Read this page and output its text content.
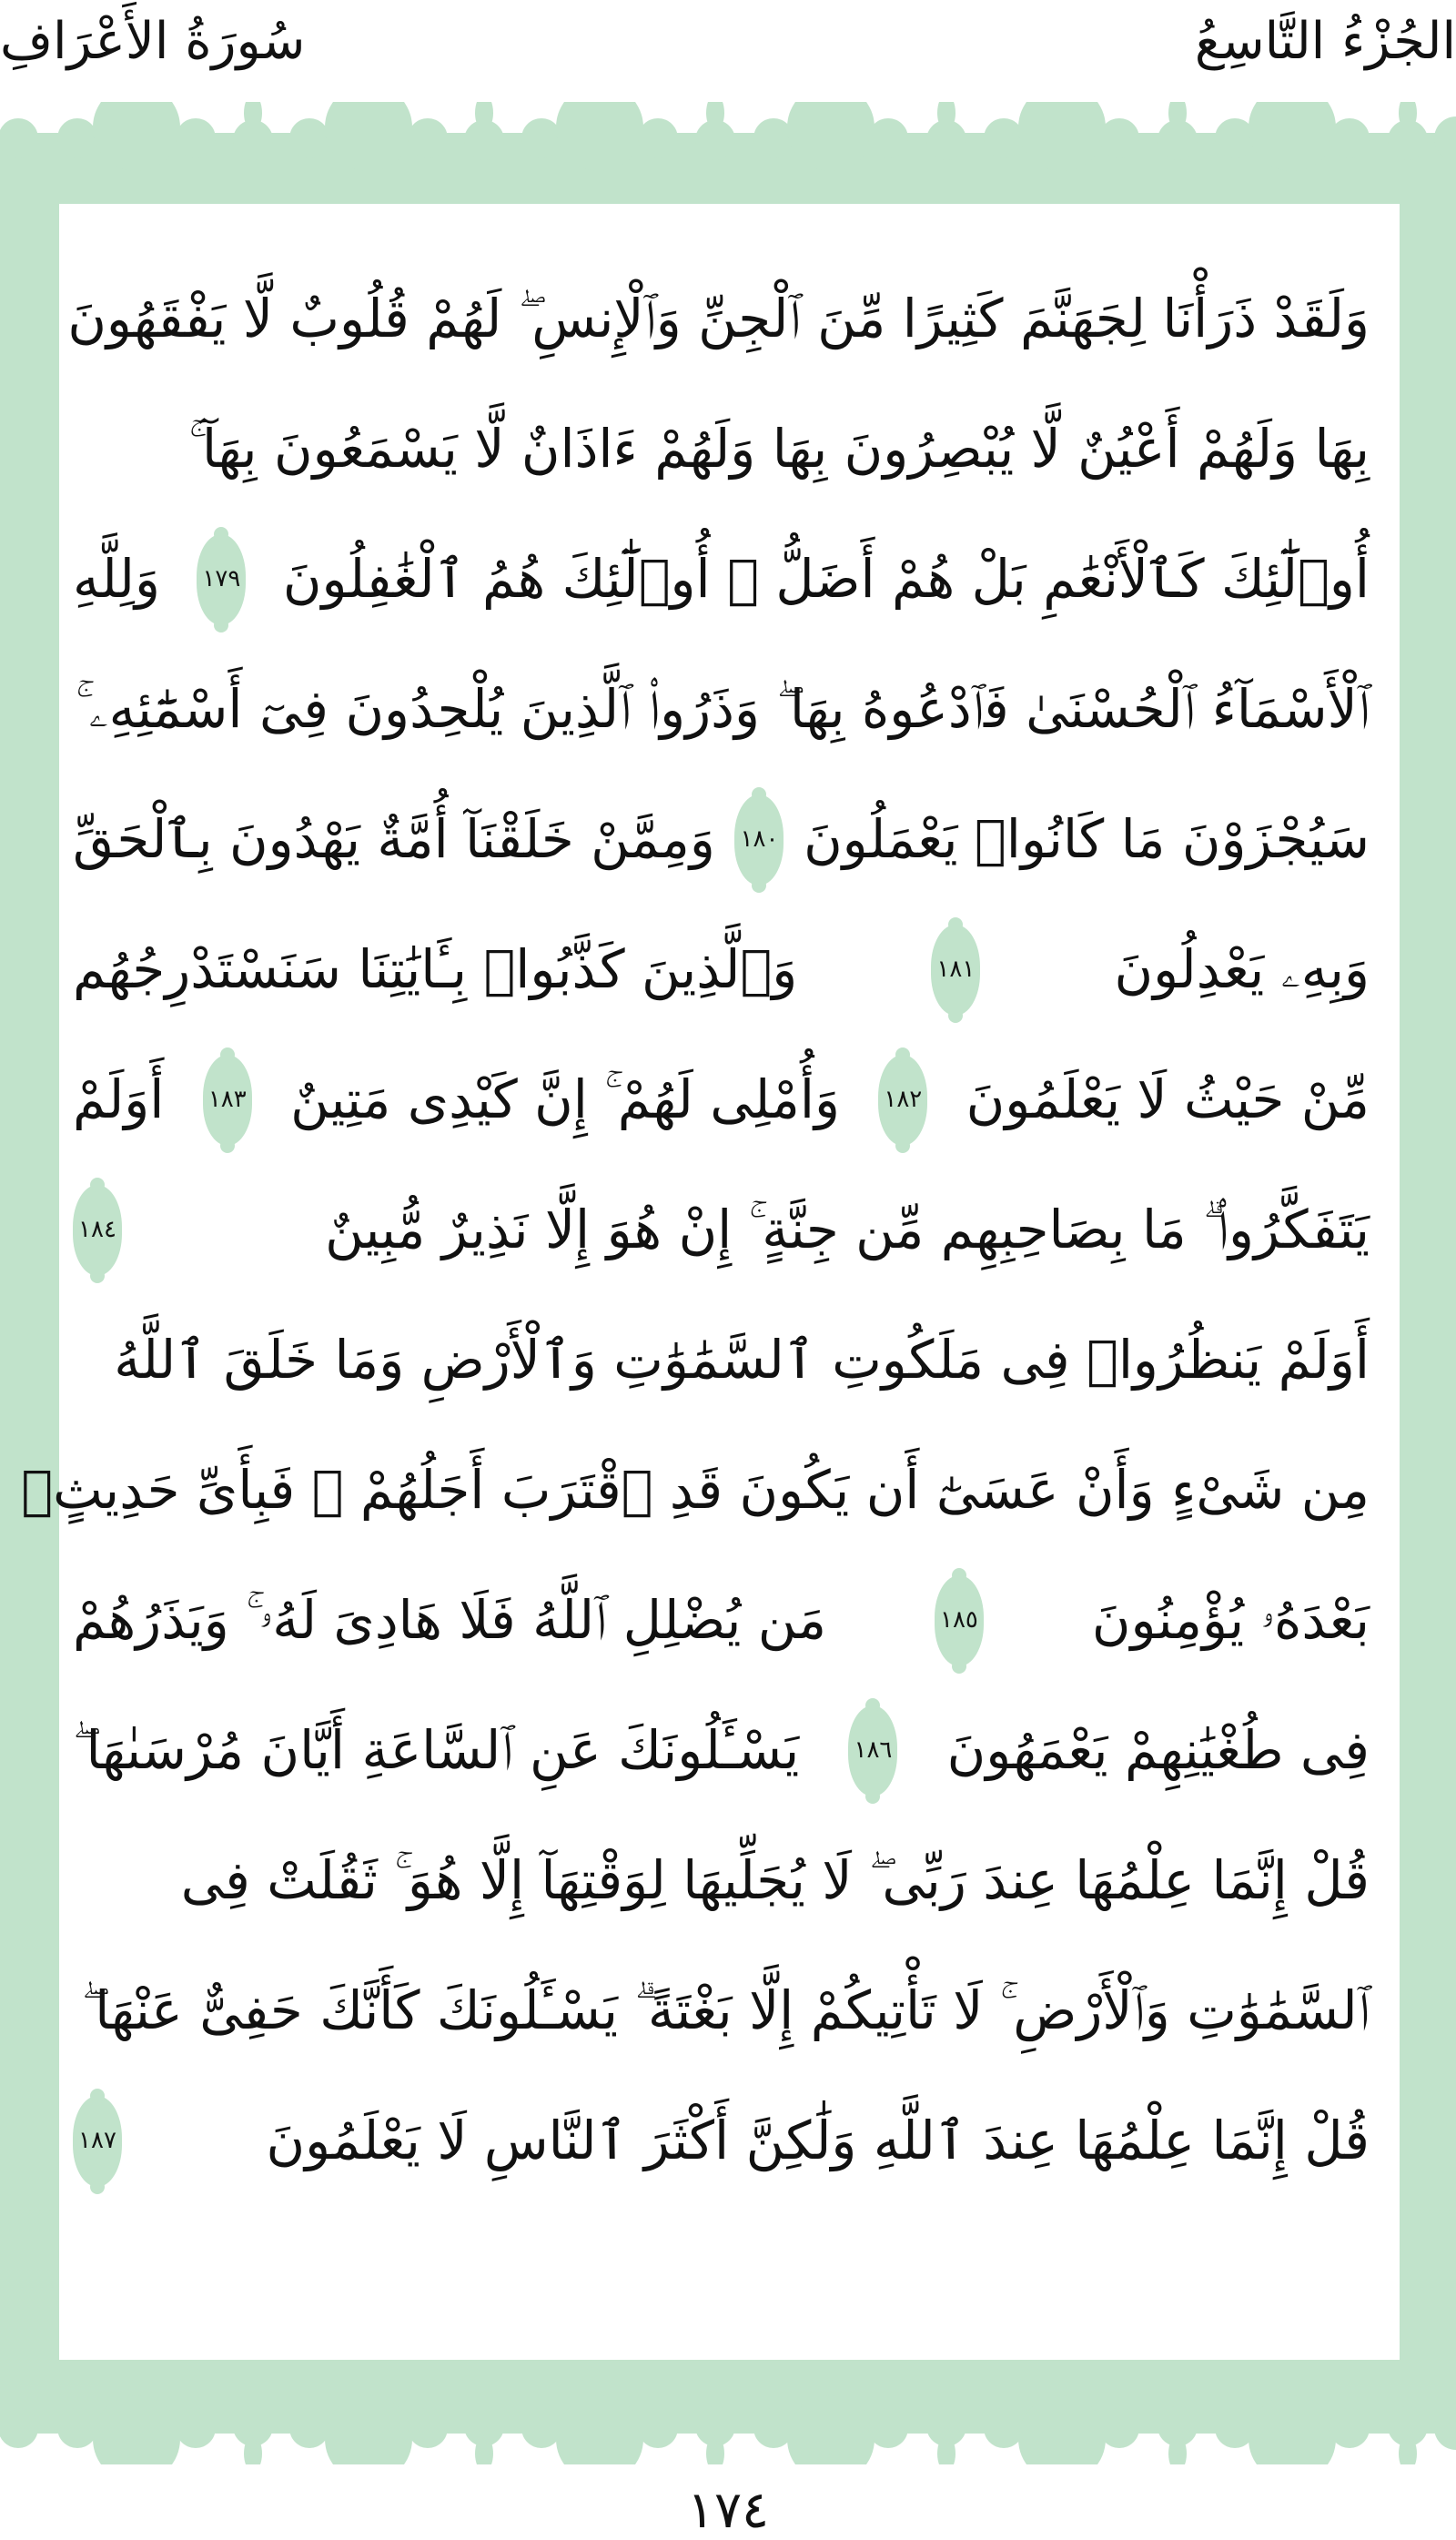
سُورَةُ الأَعْرَافِ	الجُزْءُ التَّاسِعُ
وَلَقَدْ ذَرَأْنَا لِجَهَنَّمَ كَثِيرًا مِّنَ ٱلْجِنِّ وَٱلْإِنسِ ۖ لَهُمْ قُلُوبٌ لَّا يَفْقَهُونَ
بِهَا وَلَهُمْ أَعْيُنٌ لَّا يُبْصِرُونَ بِهَا وَلَهُمْ ءَاذَانٌ لَّا يَسْمَعُونَ بِهَآ ۚ
أُو۟لَٰٓئِكَ كَٱلْأَنْعَٰمِ بَلْ هُمْ أَضَلُّ ۚ أُو۟لَٰٓئِكَ هُمُ ٱلْغَٰفِلُونَ
١٧٩
وَلِلَّهِ
ٱلْأَسْمَآءُ ٱلْحُسْنَىٰ فَٱدْعُوهُ بِهَا ۖ وَذَرُوا۟ ٱلَّذِينَ يُلْحِدُونَ فِىٓ أَسْمَٰٓئِهِۦ ۚ
سَيُجْزَوْنَ مَا كَانُوا۟ يَعْمَلُونَ
١٨٠
وَمِمَّنْ خَلَقْنَآ أُمَّةٌ يَهْدُونَ بِٱلْحَقِّ
وَبِهِۦ يَعْدِلُونَ
١٨١
وَٱلَّذِينَ كَذَّبُوا۟ بِـَٔايَٰتِنَا سَنَسْتَدْرِجُهُم
مِّنْ حَيْثُ لَا يَعْلَمُونَ
١٨٢
وَأُمْلِى لَهُمْ ۚ إِنَّ كَيْدِى مَتِينٌ
١٨٣
أَوَلَمْ
يَتَفَكَّرُوا۟ ۗ مَا بِصَاحِبِهِم مِّن جِنَّةٍ ۚ إِنْ هُوَ إِلَّا نَذِيرٌ مُّبِينٌ
١٨٤
أَوَلَمْ يَنظُرُوا۟ فِى مَلَكُوتِ ٱلسَّمَٰوَٰتِ وَٱلْأَرْضِ وَمَا خَلَقَ ٱللَّهُ
مِن شَىْءٍ وَأَنْ عَسَىٰٓ أَن يَكُونَ قَدِ ٱقْتَرَبَ أَجَلُهُمْ ۖ فَبِأَىِّ حَدِيثٍۭ
بَعْدَهُۥ يُؤْمِنُونَ
١٨٥
مَن يُضْلِلِ ٱللَّهُ فَلَا هَادِىَ لَهُۥ ۚ وَيَذَرُهُمْ
فِى طُغْيَٰنِهِمْ يَعْمَهُونَ
١٨٦
يَسْـَٔلُونَكَ عَنِ ٱلسَّاعَةِ أَيَّانَ مُرْسَىٰهَا ۖ
قُلْ إِنَّمَا عِلْمُهَا عِندَ رَبِّى ۖ لَا يُجَلِّيهَا لِوَقْتِهَآ إِلَّا هُوَ ۚ ثَقُلَتْ فِى
ٱلسَّمَٰوَٰتِ وَٱلْأَرْضِ ۚ لَا تَأْتِيكُمْ إِلَّا بَغْتَةً ۗ يَسْـَٔلُونَكَ كَأَنَّكَ حَفِىٌّ عَنْهَا ۖ
قُلْ إِنَّمَا عِلْمُهَا عِندَ ٱللَّهِ وَلَٰكِنَّ أَكْثَرَ ٱلنَّاسِ لَا يَعْلَمُونَ
١٨٧
١٧٤
